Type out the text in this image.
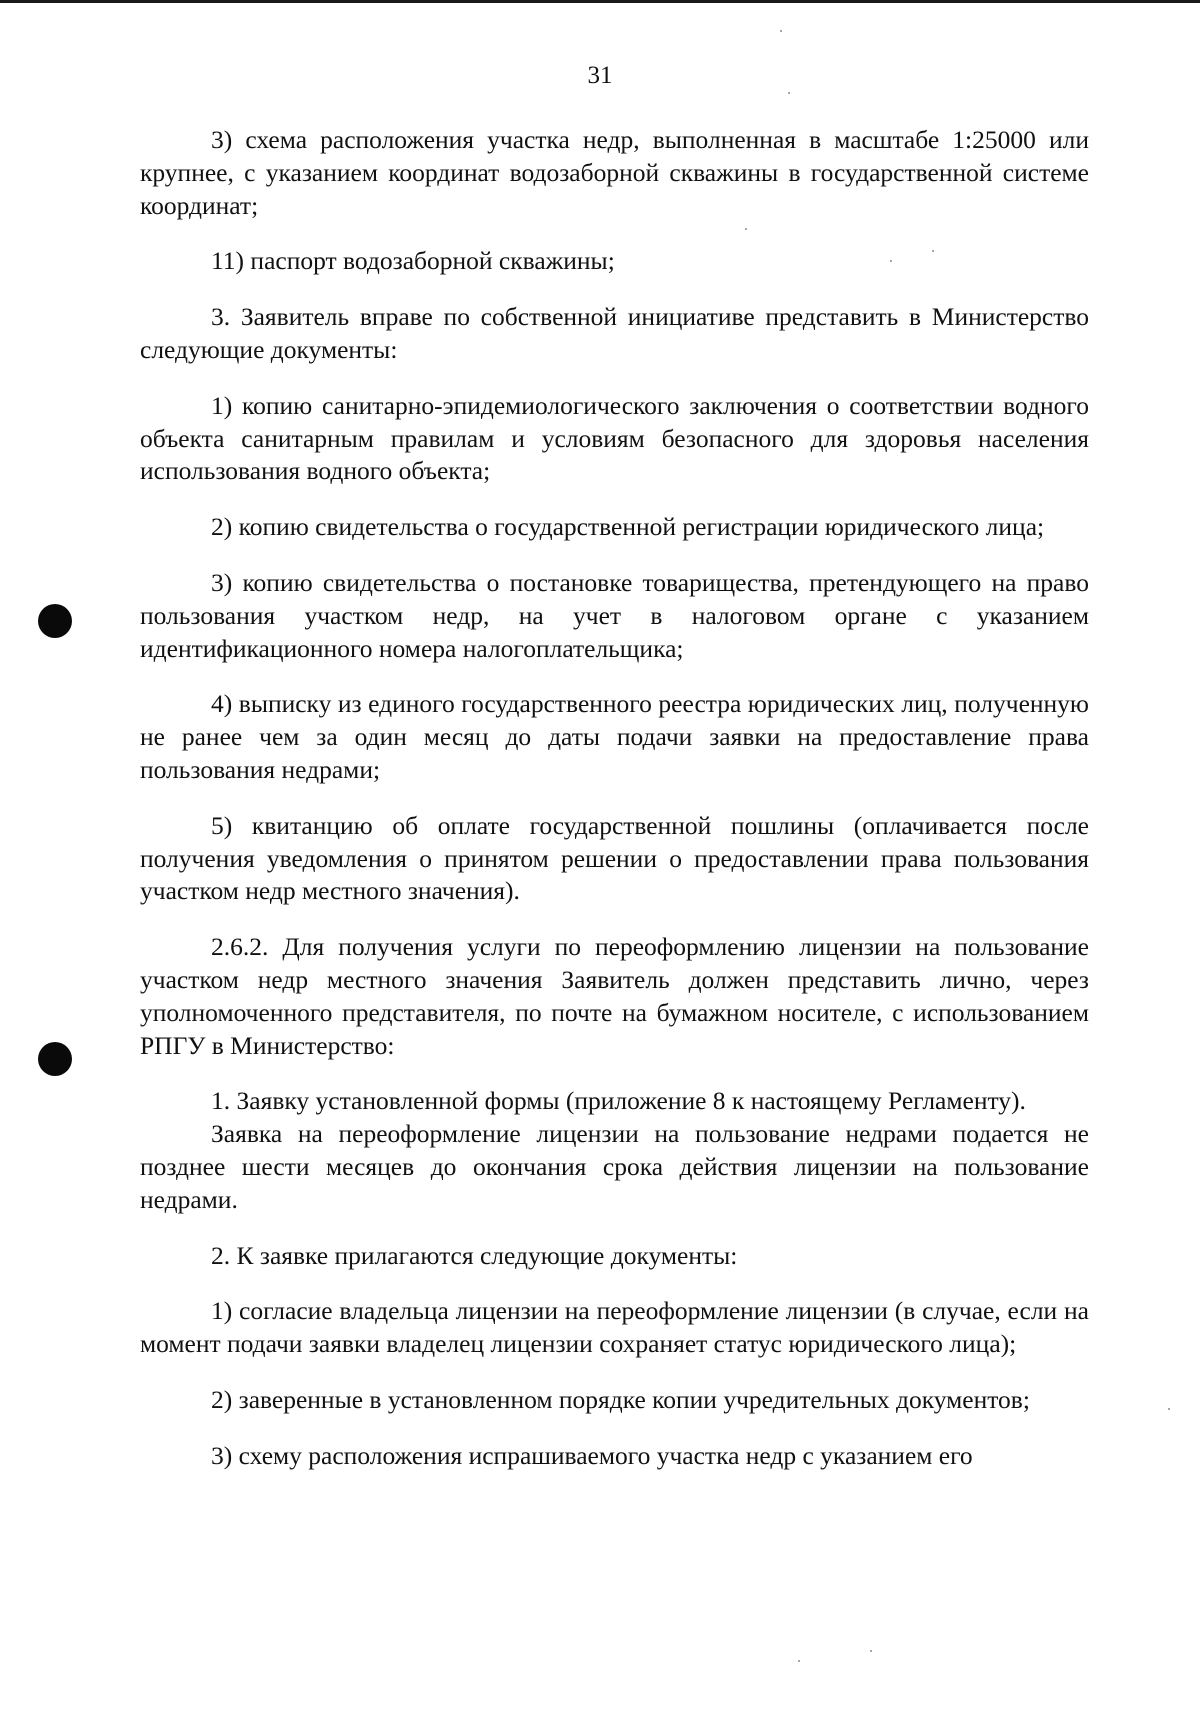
31

3) схема расположения участка недр, выполненная в масштабе 1:25000 или крупнее, с указанием координат водозаборной скважины в государственной системе координат;

11) паспорт водозаборной скважины;

3. Заявитель вправе по собственной инициативе представить в Министерство следующие документы:

1) копию санитарно-эпидемиологического заключения о соответствии водного объекта санитарным правилам и условиям безопасного для здоровья населения использования водного объекта;

2) копию свидетельства о государственной регистрации юридического лица;

3) копию свидетельства о постановке товарищества, претендующего на право пользования участком недр, на учет в налоговом органе с указанием идентификационного номера налогоплательщика;

4) выписку из единого государственного реестра юридических лиц, полученную не ранее чем за один месяц до даты подачи заявки на предоставление права пользования недрами;

5) квитанцию об оплате государственной пошлины (оплачивается после получения уведомления о принятом решении о предоставлении права пользования участком недр местного значения).

2.6.2. Для получения услуги по переоформлению лицензии на пользование участком недр местного значения Заявитель должен представить лично, через уполномоченного представителя, по почте на бумажном носителе, с использованием РПГУ в Министерство:

1. Заявку установленной формы (приложение 8 к настоящему Регламенту).

Заявка на переоформление лицензии на пользование недрами подается не позднее шести месяцев до окончания срока действия лицензии на пользование недрами.

2. К заявке прилагаются следующие документы:

1) согласие владельца лицензии на переоформление лицензии (в случае, если на момент подачи заявки владелец лицензии сохраняет статус юридического лица);

2) заверенные в установленном порядке копии учредительных документов;

3) схему расположения испрашиваемого участка недр с указанием его
